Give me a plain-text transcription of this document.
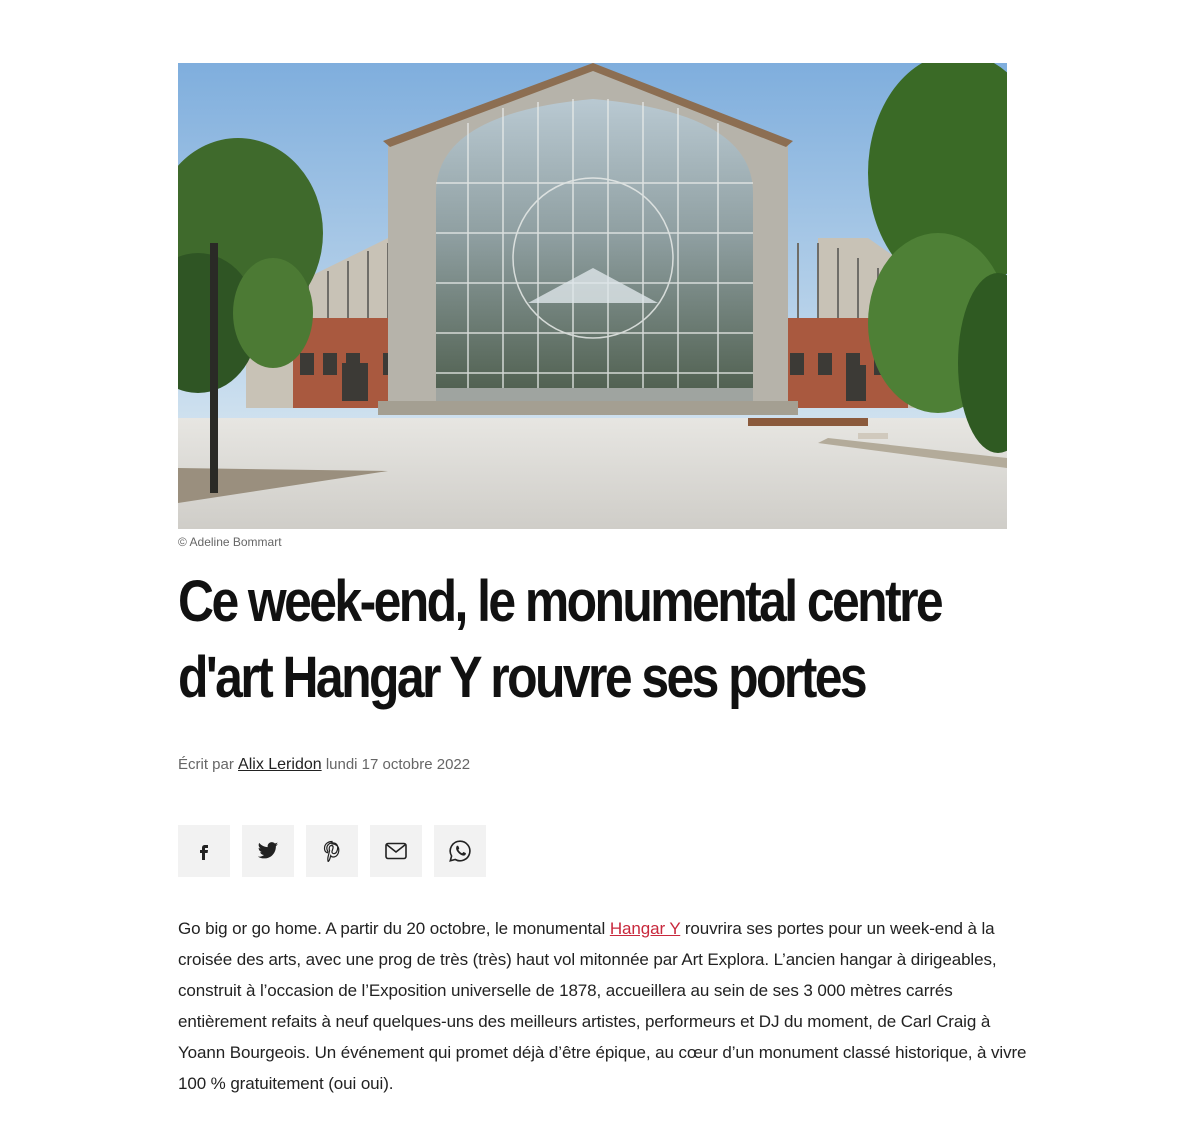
© Adeline Bommart
Ce week-end, le monumental centre
d'art Hangar Y rouvre ses portes
Écrit par Alix Leridon lundi 17 octobre 2022

Go big or go home. A partir du 20 octobre, le monumental Hangar Y rouvrira ses portes pour un week-end à la croisée des arts, avec une prog de très (très) haut vol mitonnée par Art Explora. L’ancien hangar à dirigeables, construit à l’occasion de l’Exposition universelle de 1878, accueillera au sein de ses 3 000 mètres carrés entièrement refaits à neuf quelques-uns des meilleurs artistes, performeurs et DJ du moment, de Carl Craig à Yoann Bourgeois. Un événement qui promet déjà d’être épique, au cœur d’un monument classé historique, à vivre 100 % gratuitement (oui oui).
